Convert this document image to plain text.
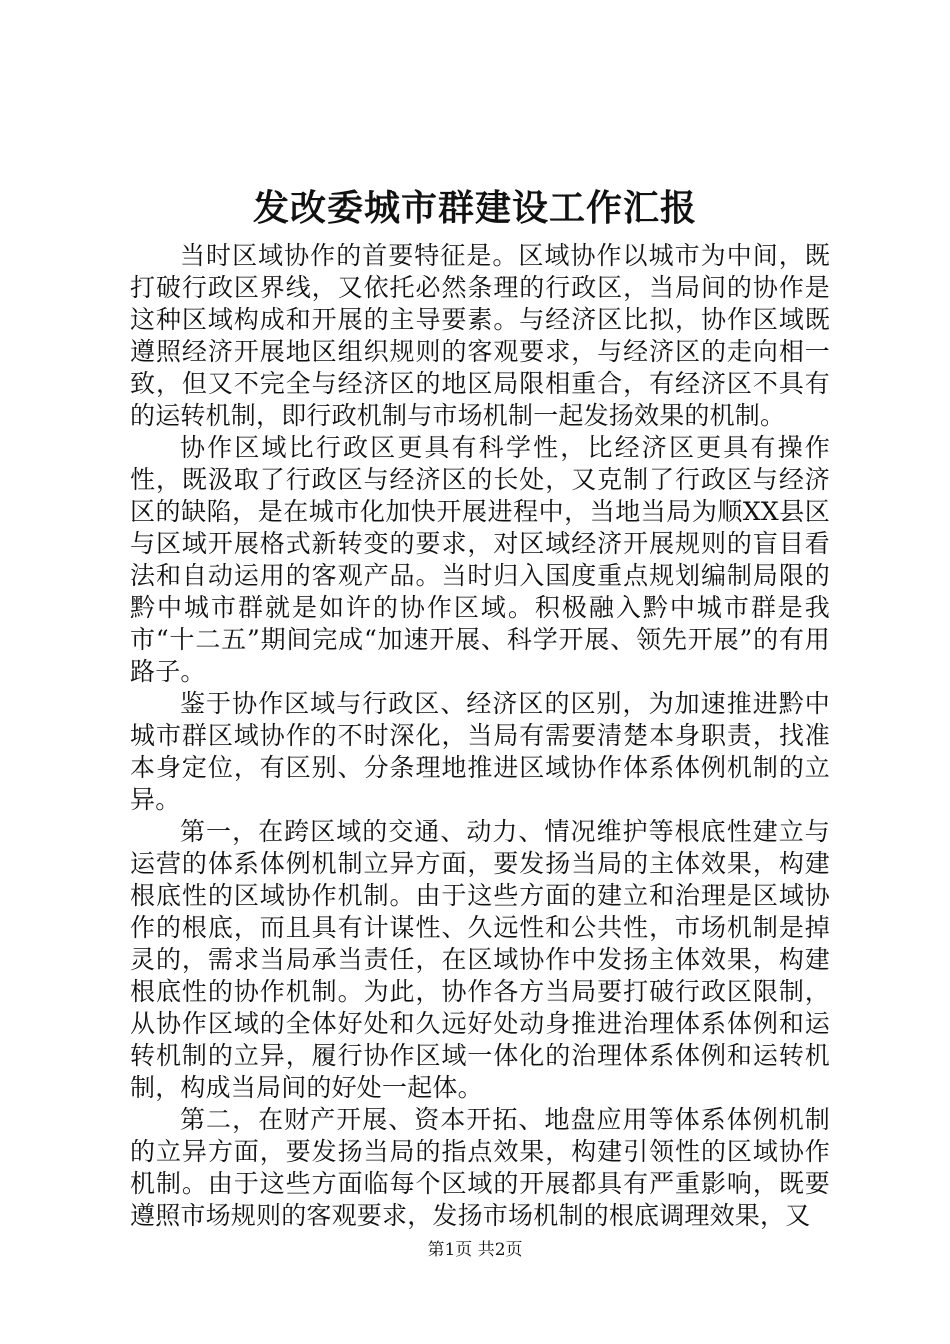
发改委城市群建设工作汇报

当时区域协作的首要特征是。区域协作以城市为中间，既打破行政区界线，又依托必然条理的行政区，当局间的协作是这种区域构成和开展的主导要素。与经济区比拟，协作区域既遵照经济开展地区组织规则的客观要求，与经济区的走向相一致，但又不完全与经济区的地区局限相重合，有经济区不具有的运转机制，即行政机制与市场机制一起发扬效果的机制。

协作区域比行政区更具有科学性，比经济区更具有操作性，既汲取了行政区与经济区的长处，又克制了行政区与经济区的缺陷，是在城市化加快开展进程中，当地当局为顺XX县区与区域开展格式新转变的要求，对区域经济开展规则的盲目看法和自动运用的客观产品。当时归入国度重点规划编制局限的黔中城市群就是如许的协作区域。积极融入黔中城市群是我市“十二五”期间完成“加速开展、科学开展、领先开展”的有用路子。

鉴于协作区域与行政区、经济区的区别，为加速推进黔中城市群区域协作的不时深化，当局有需要清楚本身职责，找准本身定位，有区别、分条理地推进区域协作体系体例机制的立异。

第一，在跨区域的交通、动力、情况维护等根底性建立与运营的体系体例机制立异方面，要发扬当局的主体效果，构建根底性的区域协作机制。由于这些方面的建立和治理是区域协作的根底，而且具有计谋性、久远性和公共性，市场机制是掉灵的，需求当局承当责任，在区域协作中发扬主体效果，构建根底性的协作机制。为此，协作各方当局要打破行政区限制，从协作区域的全体好处和久远好处动身推进治理体系体例和运转机制的立异，履行协作区域一体化的治理体系体例和运转机制，构成当局间的好处一起体。

第二，在财产开展、资本开拓、地盘应用等体系体例机制的立异方面，要发扬当局的指点效果，构建引领性的区域协作机制。由于这些方面临每个区域的开展都具有严重影响，既要遵照市场规则的客观要求，发扬市场机制的根底调理效果，又

第1页 共2页
